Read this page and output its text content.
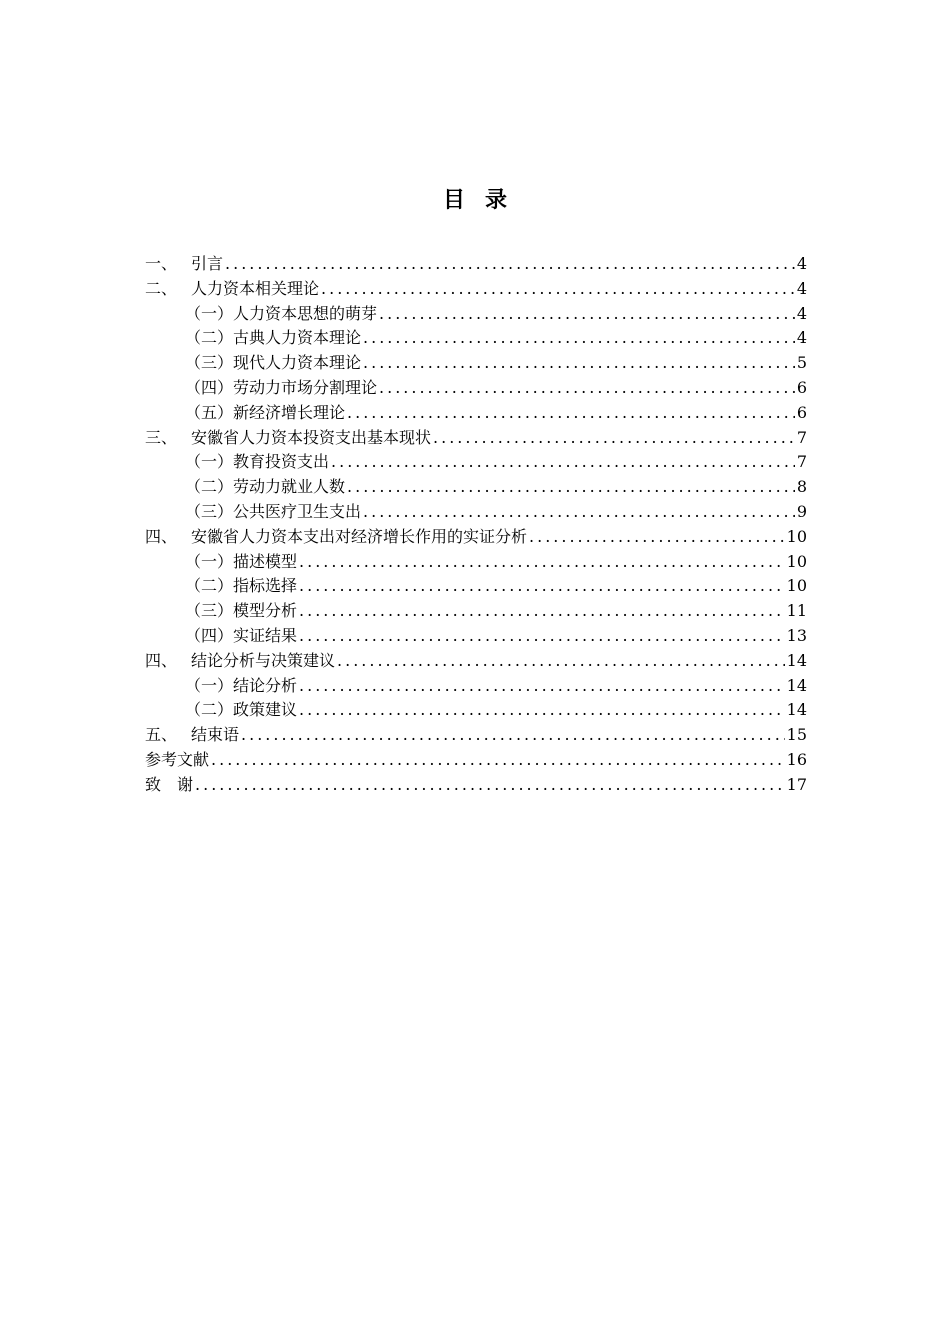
目录
一、 引言 .....	4
二、 人力资本相关理论 .....	4
（一）人力资本思想的萌芽 .....	4
（二）古典人力资本理论 .....	4
（三）现代人力资本理论 .....	5
（四）劳动力市场分割理论 .....	6
（五）新经济增长理论 .....	6
三、 安徽省人力资本投资支出基本现状 .....	7
（一）教育投资支出 .....	7
（二）劳动力就业人数 .....	8
（三）公共医疗卫生支出 .....	9
四、 安徽省人力资本支出对经济增长作用的实证分析 .....	10
（一）描述模型 .....	10
（二）指标选择 .....	10
（三）模型分析 .....	11
（四）实证结果 .....	13
四、 结论分析与决策建议 .....	14
（一）结论分析 .....	14
（二）政策建议 .....	14
五、 结束语 .....	15
参考文献 .....	16
致　谢 .....	17
